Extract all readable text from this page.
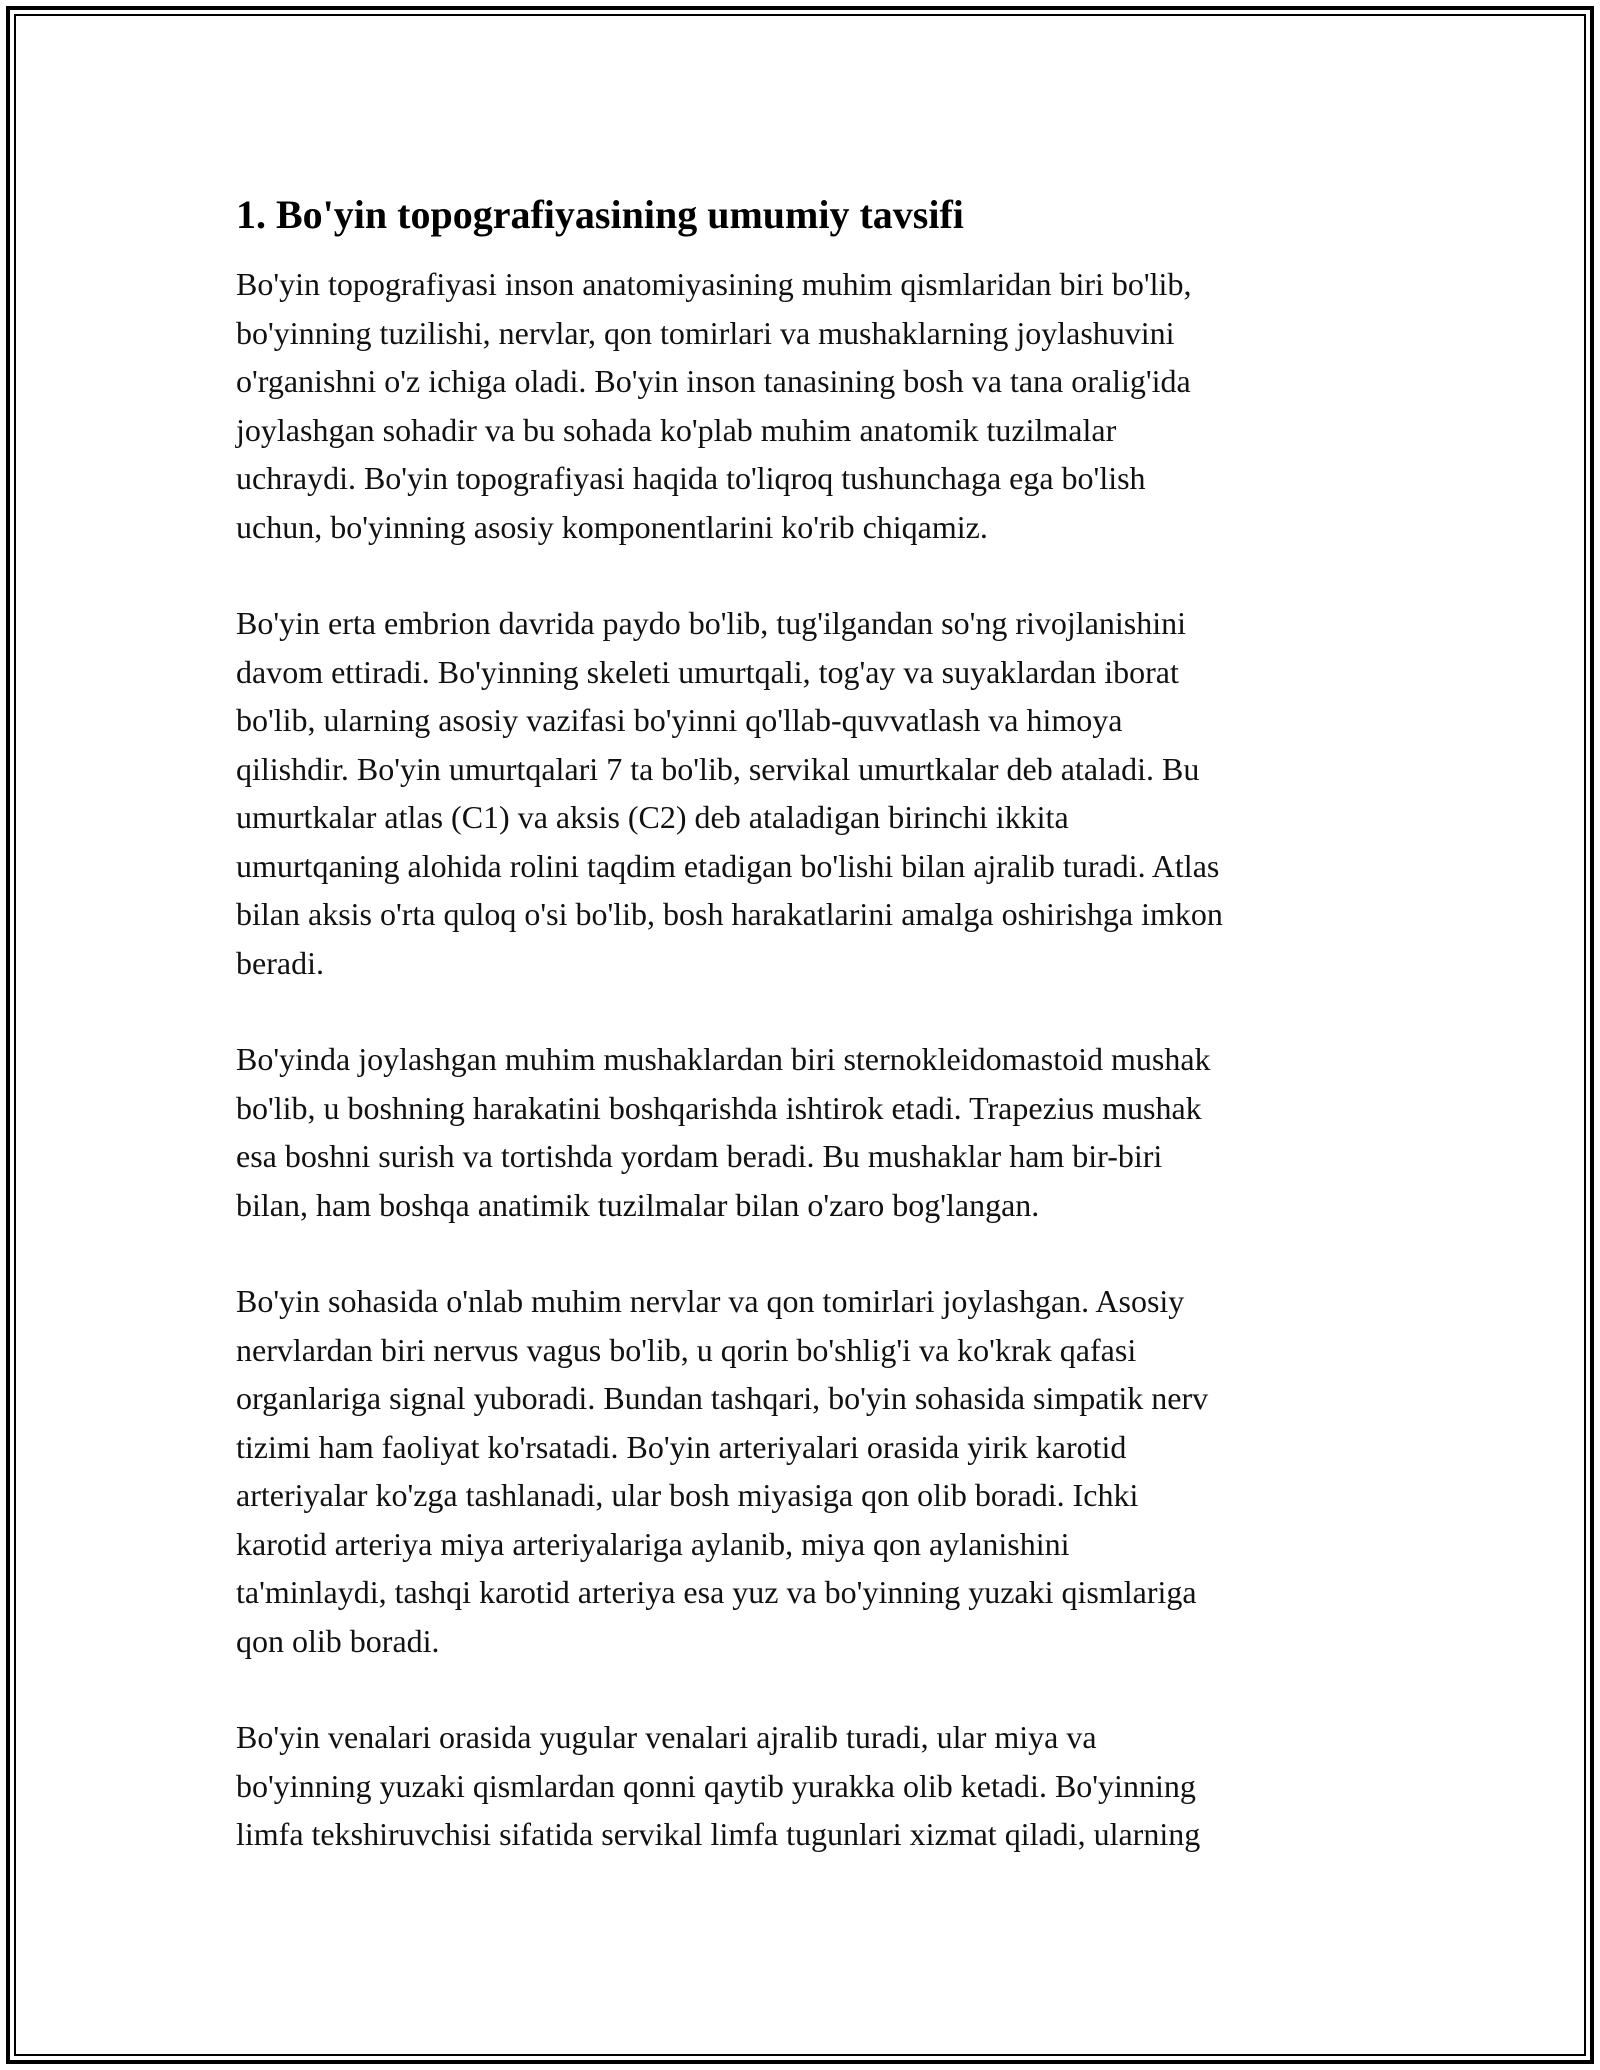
1. Bo'yin topografiyasining umumiy tavsifi

Bo'yin topografiyasi inson anatomiyasining muhim qismlaridan biri bo'lib,
bo'yinning tuzilishi, nervlar, qon tomirlari va mushaklarning joylashuvini
o'rganishni o'z ichiga oladi. Bo'yin inson tanasining bosh va tana oralig'ida
joylashgan sohadir va bu sohada ko'plab muhim anatomik tuzilmalar
uchraydi. Bo'yin topografiyasi haqida to'liqroq tushunchaga ega bo'lish
uchun, bo'yinning asosiy komponentlarini ko'rib chiqamiz.

Bo'yin erta embrion davrida paydo bo'lib, tug'ilgandan so'ng rivojlanishini
davom ettiradi. Bo'yinning skeleti umurtqali, tog'ay va suyaklardan iborat
bo'lib, ularning asosiy vazifasi bo'yinni qo'llab-quvvatlash va himoya
qilishdir. Bo'yin umurtqalari 7 ta bo'lib, servikal umurtkalar deb ataladi. Bu
umurtkalar atlas (C1) va aksis (C2) deb ataladigan birinchi ikkita
umurtqaning alohida rolini taqdim etadigan bo'lishi bilan ajralib turadi. Atlas
bilan aksis o'rta quloq o'si bo'lib, bosh harakatlarini amalga oshirishga imkon
beradi.

Bo'yinda joylashgan muhim mushaklardan biri sternokleidomastoid mushak
bo'lib, u boshning harakatini boshqarishda ishtirok etadi. Trapezius mushak
esa boshni surish va tortishda yordam beradi. Bu mushaklar ham bir-biri
bilan, ham boshqa anatimik tuzilmalar bilan o'zaro bog'langan.

Bo'yin sohasida o'nlab muhim nervlar va qon tomirlari joylashgan. Asosiy
nervlardan biri nervus vagus bo'lib, u qorin bo'shlig'i va ko'krak qafasi
organlariga signal yuboradi. Bundan tashqari, bo'yin sohasida simpatik nerv
tizimi ham faoliyat ko'rsatadi. Bo'yin arteriyalari orasida yirik karotid
arteriyalar ko'zga tashlanadi, ular bosh miyasiga qon olib boradi. Ichki
karotid arteriya miya arteriyalariga aylanib, miya qon aylanishini
ta'minlaydi, tashqi karotid arteriya esa yuz va bo'yinning yuzaki qismlariga
qon olib boradi.

Bo'yin venalari orasida yugular venalari ajralib turadi, ular miya va
bo'yinning yuzaki qismlardan qonni qaytib yurakka olib ketadi. Bo'yinning
limfa tekshiruvchisi sifatida servikal limfa tugunlari xizmat qiladi, ularning
